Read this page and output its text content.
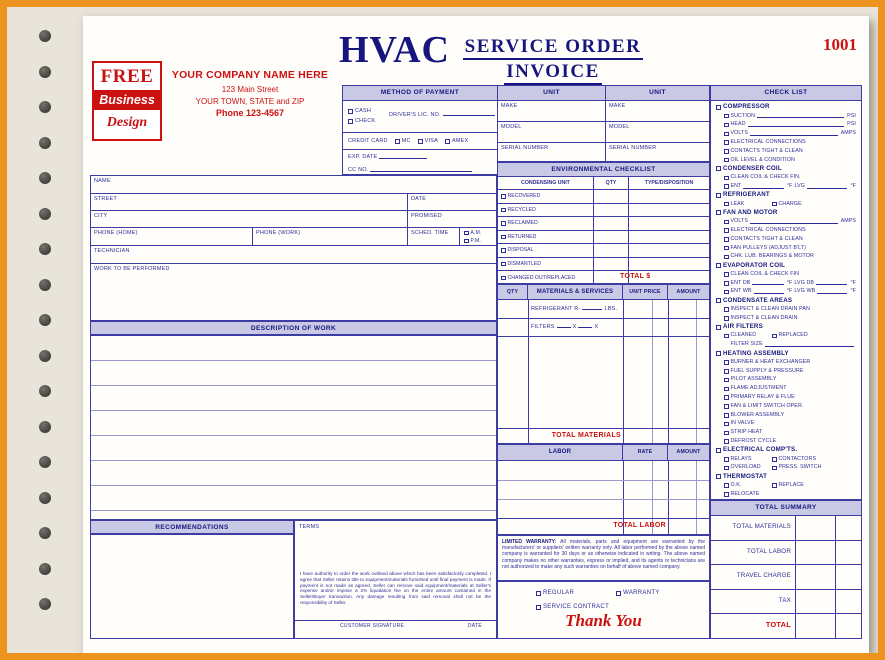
FREE
Business
Design
YOUR COMPANY NAME HERE
123 Main Street
YOUR TOWN, STATE and ZIP
Phone 123-4567
HVAC SERVICE ORDER
INVOICE
1001
METHOD OF PAYMENT
CASH
CHECK
DRIVER'S LIC. NO.
CREDIT CARD	MC	VISA	AMEX
EXP. DATE
CC NO.
UNIT
MAKE
MODEL
SERIAL NUMBER
UNIT
MAKE
MODEL
SERIAL NUMBER
ENVIRONMENTAL CHECKLIST
CONDENSING UNIT	QTY	TYPE/DISPOSITION
RECOVERED
RECYCLED
RECLAIMED
RETURNED
DISPOSAL
DISMANTLED
CHANGED OUT/REPLACED	TOTAL $
QTY	MATERIALS & SERVICES	UNIT PRICE	AMOUNT
REFRIGERANT R-	LBS.
FILTERS	X	X
TOTAL MATERIALS
LABOR	RATE	AMOUNT
TOTAL LABOR
LIMITED WARRANTY: All materials, parts and equipment are warranted by the manufacturers' or suppliers' written warranty only. All labor performed by the above named company is warranted for 30 days or as otherwise indicated in writing. The above named company makes no other warranties, express or implied, and its agents or technicians are not authorized to make any such warranties on behalf of above named company.
REGULAR	WARRANTY
SERVICE CONTRACT
Thank You
CHECK LIST
COMPRESSOR
SUCTION	PSI
HEAD	PSI
VOLTS	AMPS
ELECTRICAL CONNECTIONS
CONTACTS TIGHT & CLEAN
OIL LEVEL & CONDITION
CONDENSER COIL
CLEAN COIL & CHECK FIN.
ENT	°F LVG	°F
REFRIGERANT
LEAK	CHARGE
FAN AND MOTOR
VOLTS	AMPS
ELECTRICAL CONNECTIONS
CONTACTS TIGHT & CLEAN
FAN PULLEYS (ADJUST B'LT)
CHK. LUB. BEARINGS & MOTOR
EVAPORATOR COIL
CLEAN COIL & CHECK FIN
ENT DB	°F LVG DB	°F
ENT WB	°F LVG WB	°F
CONDENSATE AREAS
INSPECT & CLEAN DRAIN PAN
INSPECT & CLEAN DRAIN
AIR FILTERS
CLEANED	REPLACED
FILTER SIZE
HEATING ASSEMBLY
BURNER & HEAT EXCHANGER
FUEL SUPPLY & PRESSURE
PILOT ASSEMBLY
FLAME ADJUSTMENT
PRIMARY RELAY & FLUE
FAN & LIMIT SWITCH OPER.
BLOWER ASSEMBLY
IN VALVE
STRIP HEAT
DEFROST CYCLE
ELECTRICAL COMP'TS.
RELAYS	CONTACTORS
OVERLOAD	PRESS. SWITCH
THERMOSTAT
O.K.	REPLACE
RELOCATE
TOTAL SUMMARY
TOTAL MATERIALS
TOTAL LABOR
TRAVEL CHARGE
TAX
TOTAL
NAME
STREET	DATE
CITY	PROMISED
PHONE (HOME)	PHONE (WORK)	SCHED. TIME	A.M.
P.M.
TECHNICIAN
WORK TO BE PERFORMED
DESCRIPTION OF WORK
RECOMMENDATIONS	TERMS
I have authority to order the work outlined above which has been satisfactorily completed. I agree that Seller retains title to equipment/materials furnished until final payment is made. If payment is not made as agreed, Seller can remove said equipment/materials at Seller's expense and/or impose a 2% liquidation fee on the entire amount contained in the Seller/Buyer transaction. Any damage resulting from said removal shall not be the responsibility of Seller.
CUSTOMER SIGNATURE	DATE
